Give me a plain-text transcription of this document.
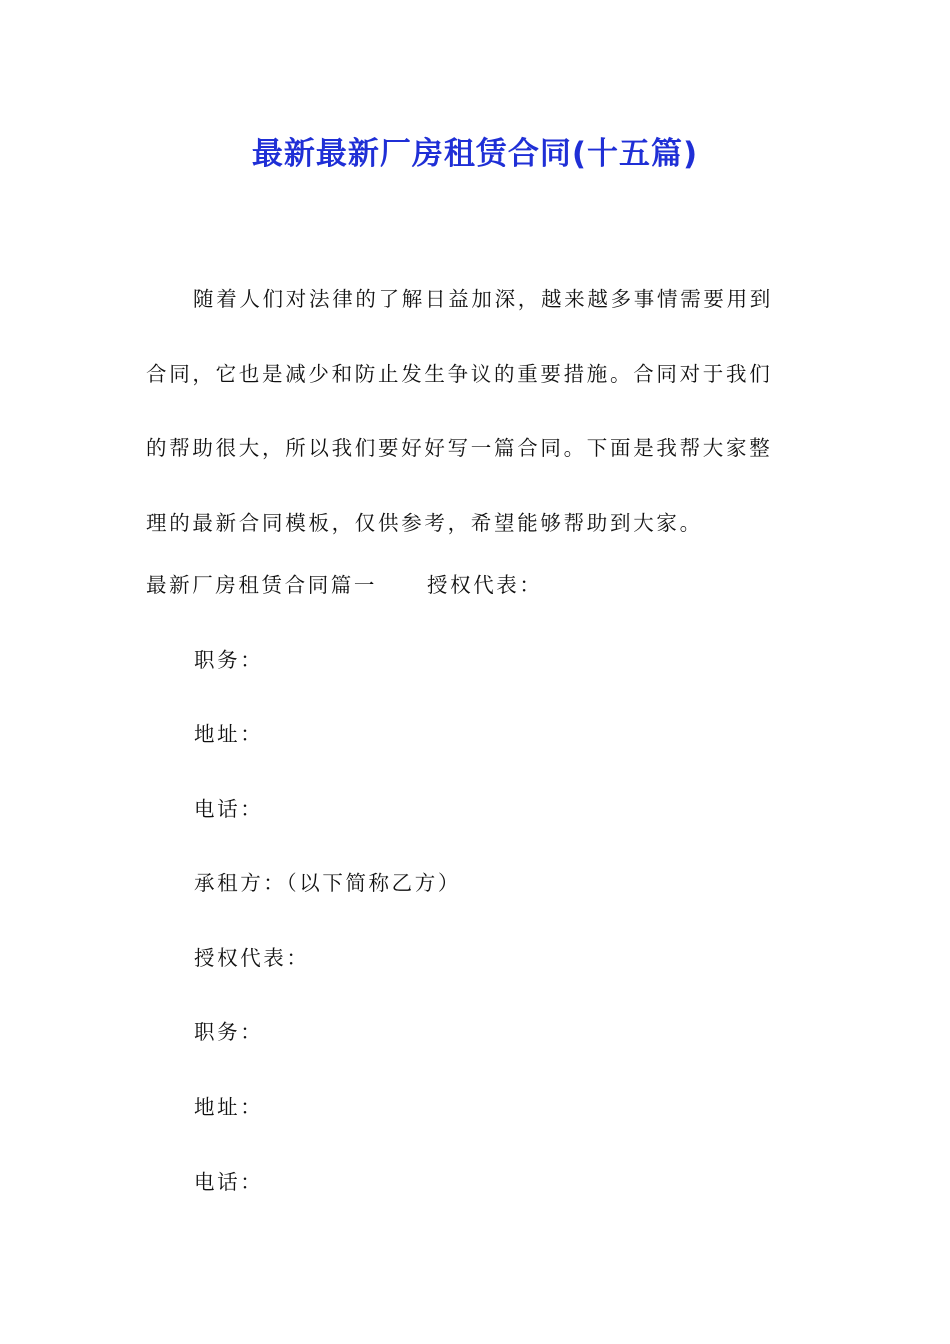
最新最新厂房租赁合同(十五篇)

随着人们对法律的了解日益加深，越来越多事情需要用到
合同，它也是减少和防止发生争议的重要措施。合同对于我们
的帮助很大，所以我们要好好写一篇合同。下面是我帮大家整
理的最新合同模板，仅供参考，希望能够帮助到大家。

最新厂房租赁合同篇一 授权代表：

职务：

地址：

电话：

承租方：（以下简称乙方）

授权代表：

职务：

地址：

电话：
